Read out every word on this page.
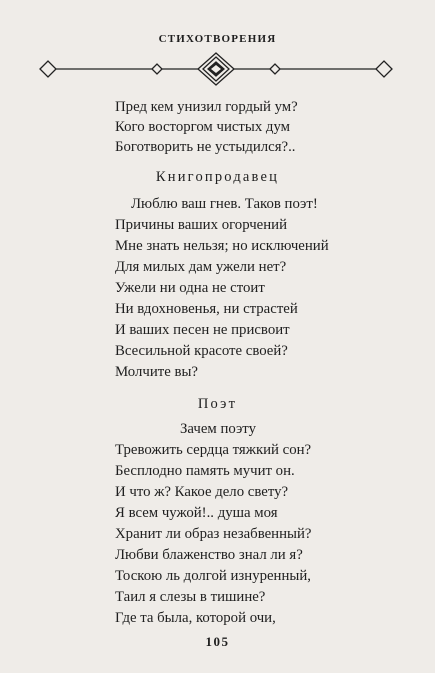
СТИХОТВОРЕНИЯ
Пред кем унизил гордый ум?
Кого восторгом чистых дум
Боготворить не устыдился?..
Книгопродавец
Люблю ваш гнев. Таков поэт!
Причины ваших огорчений
Мне знать нельзя; но исключений
Для милых дам ужели нет?
Ужели ни одна не стоит
Ни вдохновенья, ни страстей
И ваших песен не присвоит
Всесильной красоте своей?
Молчите вы?
Поэт
Зачем поэту
Тревожить сердца тяжкий сон?
Бесплодно память мучит он.
И что ж? Какое дело свету?
Я всем чужой!.. душа моя
Хранит ли образ незабвенный?
Любви блаженство знал ли я?
Тоскою ль долгой изнуренный,
Таил я слезы в тишине?
Где та была, которой очи,
105
